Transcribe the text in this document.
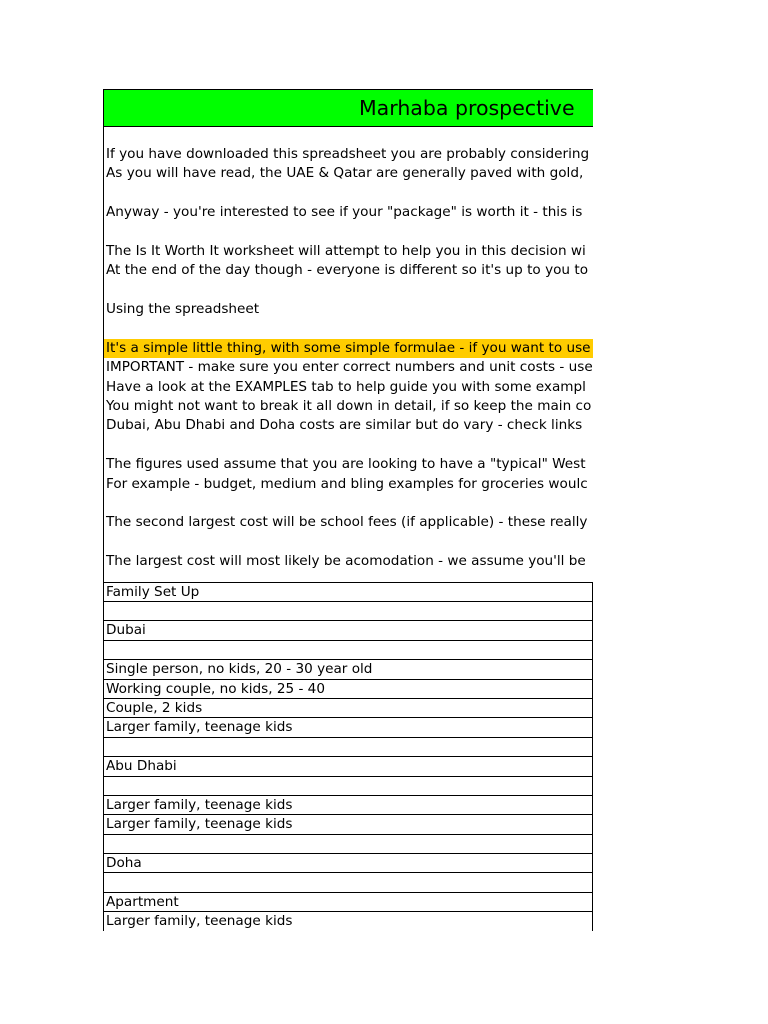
Marhaba prospective
If you have downloaded this spreadsheet you are probably considering
As you will have read, the UAE & Qatar are generally paved with gold,
Anyway - you're interested to see if your "package" is worth it - this is
The Is It Worth It worksheet will attempt to help you in this decision wi
At the end of the day though - everyone is different so it's up to you to
Using the spreadsheet
It's a simple little thing, with some simple formulae - if you want to use
IMPORTANT - make sure you enter correct numbers and unit costs - use
Have a look at the EXAMPLES tab to help guide you with some exampl
You might not want to break it all down in detail, if so keep the main co
Dubai, Abu Dhabi and Doha costs are similar but do vary - check links
The figures used assume that you are looking to have a "typical" West
For example - budget, medium and bling examples for groceries woulc
The second largest cost will be school fees (if applicable) - these really
The largest cost will most likely be acomodation - we assume you'll be
Family Set Up
Dubai
Single person, no kids, 20 - 30 year old
Working couple, no kids, 25 - 40
Couple, 2 kids
Larger family, teenage kids
Abu Dhabi
Larger family, teenage kids
Larger family, teenage kids
Doha
Apartment
Larger family, teenage kids
